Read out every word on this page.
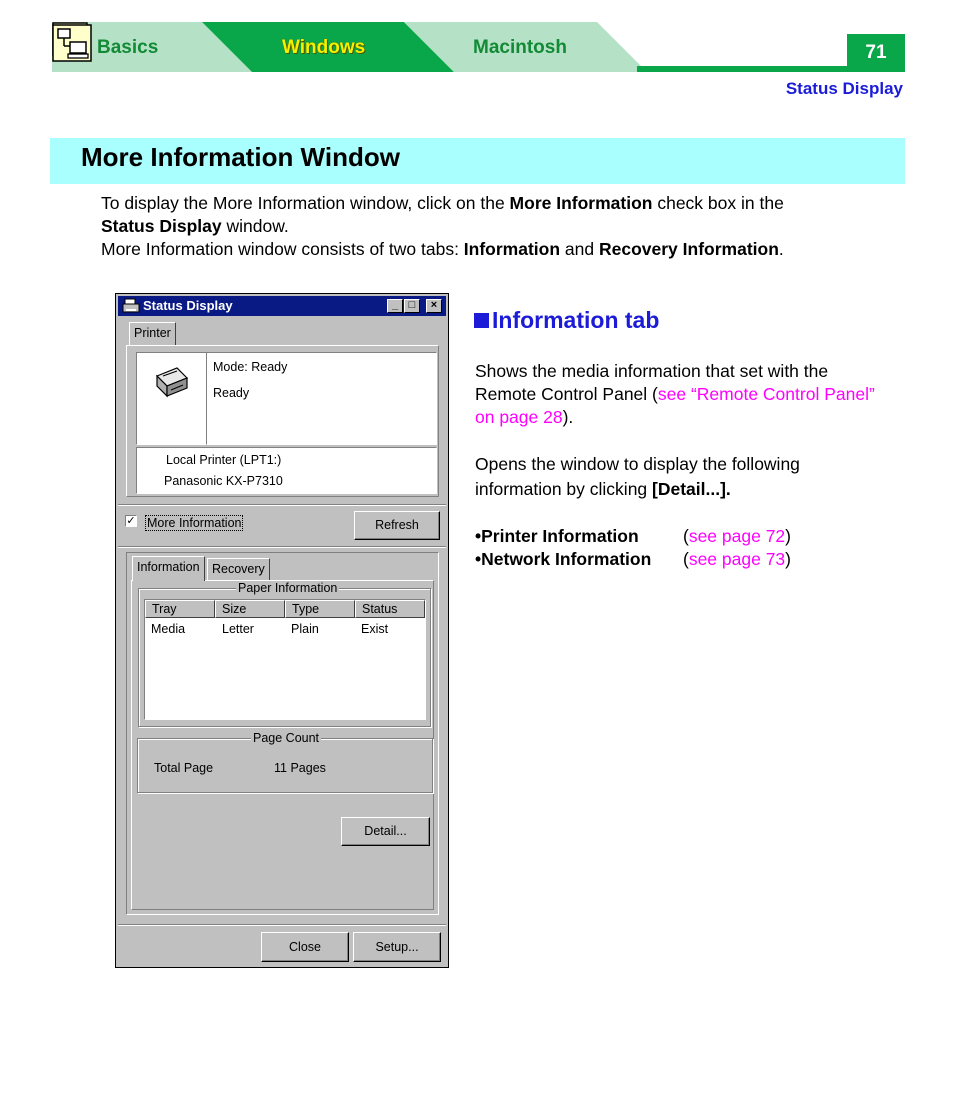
Basics	Windows	Macintosh	71
Status Display
More Information Window

To display the More Information window, click on the More Information check box in the

Status Display window.

More Information window consists of two tabs: Information and Recovery Information.

Information tab

Shows the media information that set with the Remote Control Panel (see “Remote Control Panel” on page 28).

Opens the window to display the following information by clicking [Detail...].

•Printer Information	(see page 72)
•Network Information (see page 73)
Status Display	_ □	×
Printer
Mode: Ready
Ready
Local Printer (LPT1:)
Panasonic KX-P7310
✓ More Information	Refresh
Information Recovery
Paper Information
Tray	Size	Type	Status
Media	Letter	Plain	Exist
Page Count
Total Page	11 Pages
Detail...
Close	Setup...
